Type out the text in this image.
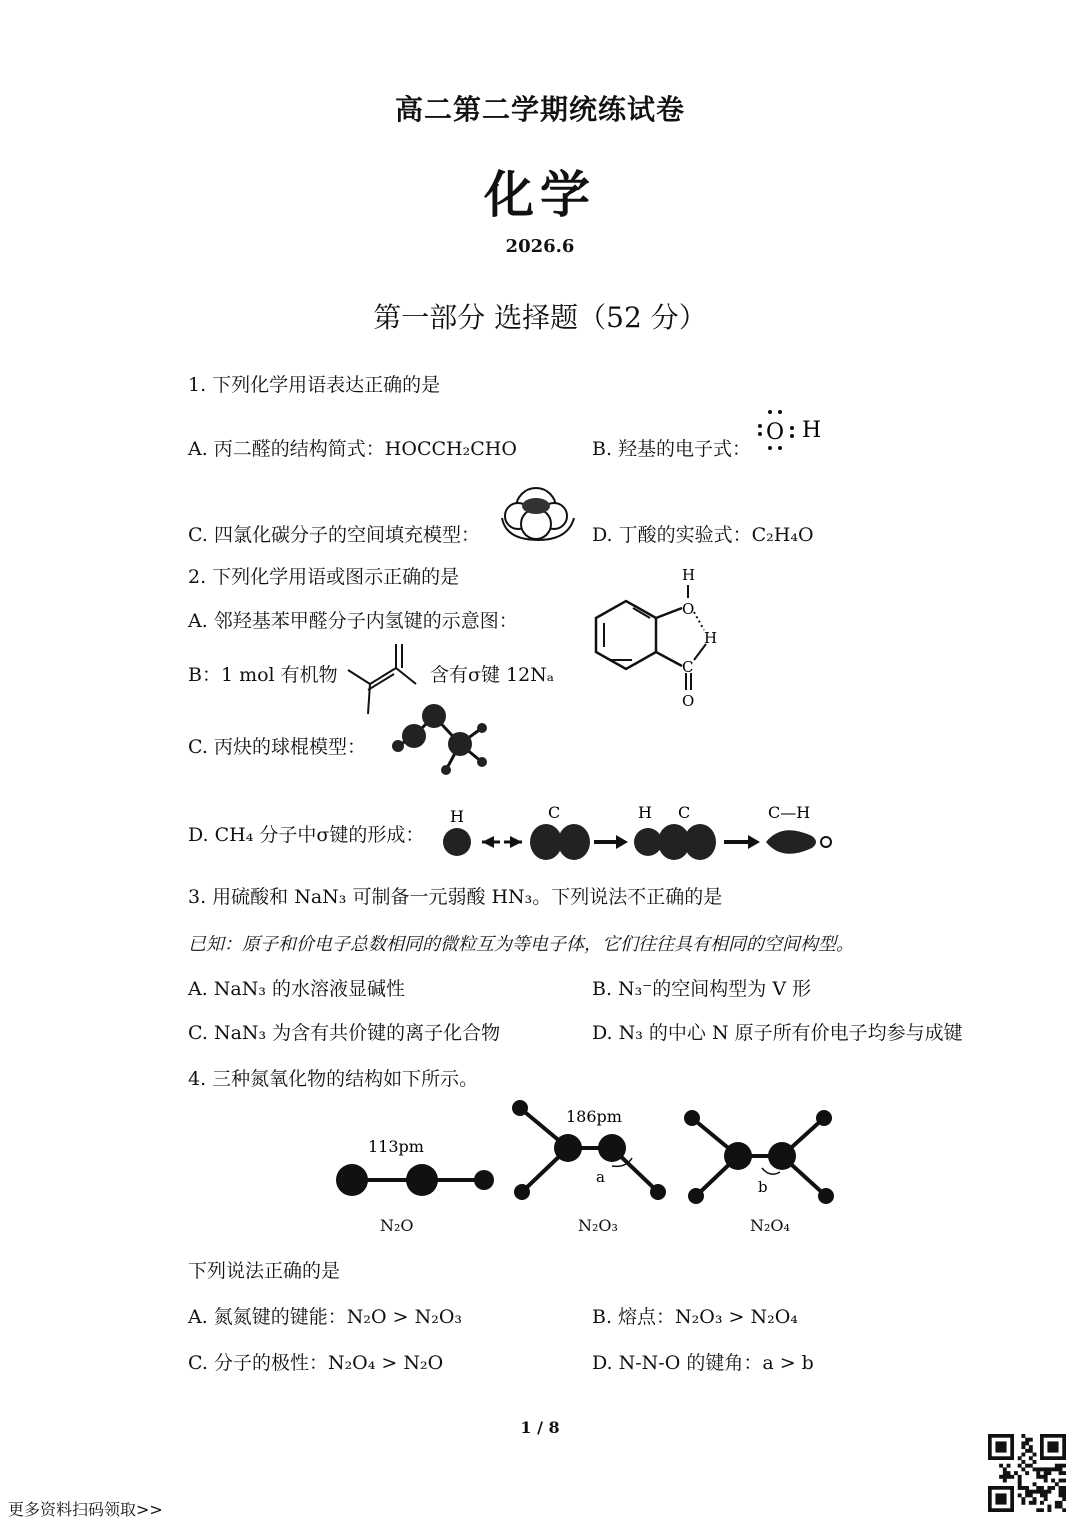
高二第二学期统练试卷
化学
2026.6
第一部分 选择题（52 分）
1. 下列化学用语表达正确的是
A. 丙二醛的结构简式：HOCCH₂CHO	B. 羟基的电子式：
O H
C. 四氯化碳分子的空间填充模型：	D. 丁酸的实验式：C₂H₄O
2. 下列化学用语或图示正确的是
A. 邻羟基苯甲醛分子内氢键的示意图：
H
O
H
C
O
B：1 mol 有机物	含有σ键 12Nₐ
C. 丙炔的球棍模型：
D. CH₄ 分子中σ键的形成：
H	C	H C	C—H
3. 用硫酸和 NaN₃ 可制备一元弱酸 HN₃。下列说法不正确的是
已知：原子和价电子总数相同的微粒互为等电子体，它们往往具有相同的空间构型。
A. NaN₃ 的水溶液显碱性	B. N₃⁻的空间构型为 V 形
C. NaN₃ 为含有共价键的离子化合物	D. N₃ 的中心 N 原子所有价电子均参与成键
4. 三种氮氧化物的结构如下所示。
113pm
186pm
a
b
N₂O	N₂O₃	N₂O₄
下列说法正确的是
A. 氮氮键的键能：N₂O > N₂O₃	B. 熔点：N₂O₃ > N₂O₄
C. 分子的极性：N₂O₄ > N₂O	D. N-N-O 的键角：a > b
1 / 8
更多资料扫码领取>>
